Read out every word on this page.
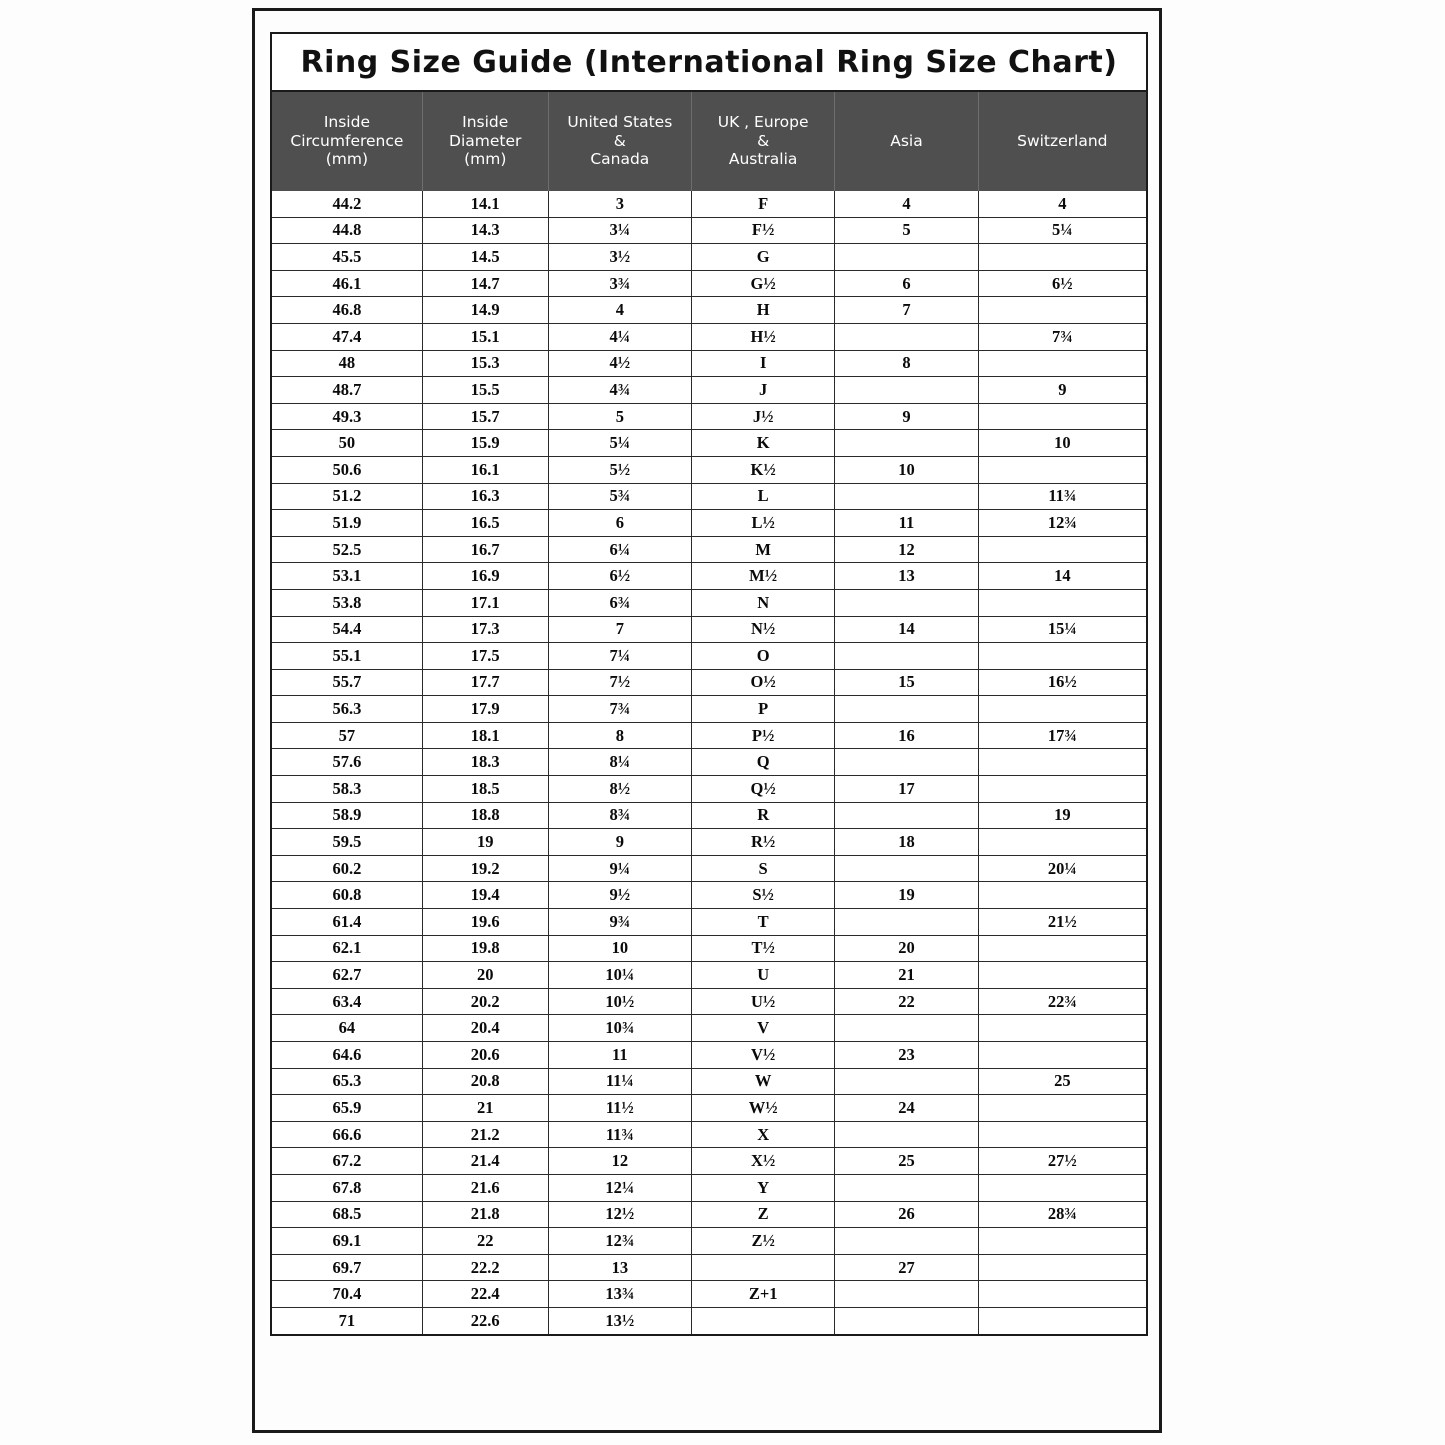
Ring Size Guide (International Ring Size Chart)
Inside
Circumference
(mm)	Inside
Diameter
(mm)	United States
&
Canada	UK , Europe
&
Australia	Asia	Switzerland
44.2	14.1	3	F	4	4
44.8	14.3	3¼	F½	5	5¼
45.5	14.5	3½	G		
46.1	14.7	3¾	G½	6	6½
46.8	14.9	4	H	7	
47.4	15.1	4¼	H½		7¾
48	15.3	4½	I	8	
48.7	15.5	4¾	J		9
49.3	15.7	5	J½	9	
50	15.9	5¼	K		10
50.6	16.1	5½	K½	10	
51.2	16.3	5¾	L		11¾
51.9	16.5	6	L½	11	12¾
52.5	16.7	6¼	M	12	
53.1	16.9	6½	M½	13	14
53.8	17.1	6¾	N		
54.4	17.3	7	N½	14	15¼
55.1	17.5	7¼	O		
55.7	17.7	7½	O½	15	16½
56.3	17.9	7¾	P		
57	18.1	8	P½	16	17¾
57.6	18.3	8¼	Q		
58.3	18.5	8½	Q½	17	
58.9	18.8	8¾	R		19
59.5	19	9	R½	18	
60.2	19.2	9¼	S		20¼
60.8	19.4	9½	S½	19	
61.4	19.6	9¾	T		21½
62.1	19.8	10	T½	20	
62.7	20	10¼	U	21	
63.4	20.2	10½	U½	22	22¾
64	20.4	10¾	V		
64.6	20.6	11	V½	23	
65.3	20.8	11¼	W		25
65.9	21	11½	W½	24	
66.6	21.2	11¾	X		
67.2	21.4	12	X½	25	27½
67.8	21.6	12¼	Y		
68.5	21.8	12½	Z	26	28¾
69.1	22	12¾	Z½		
69.7	22.2	13		27	
70.4	22.4	13¾	Z+1		
71	22.6	13½			
